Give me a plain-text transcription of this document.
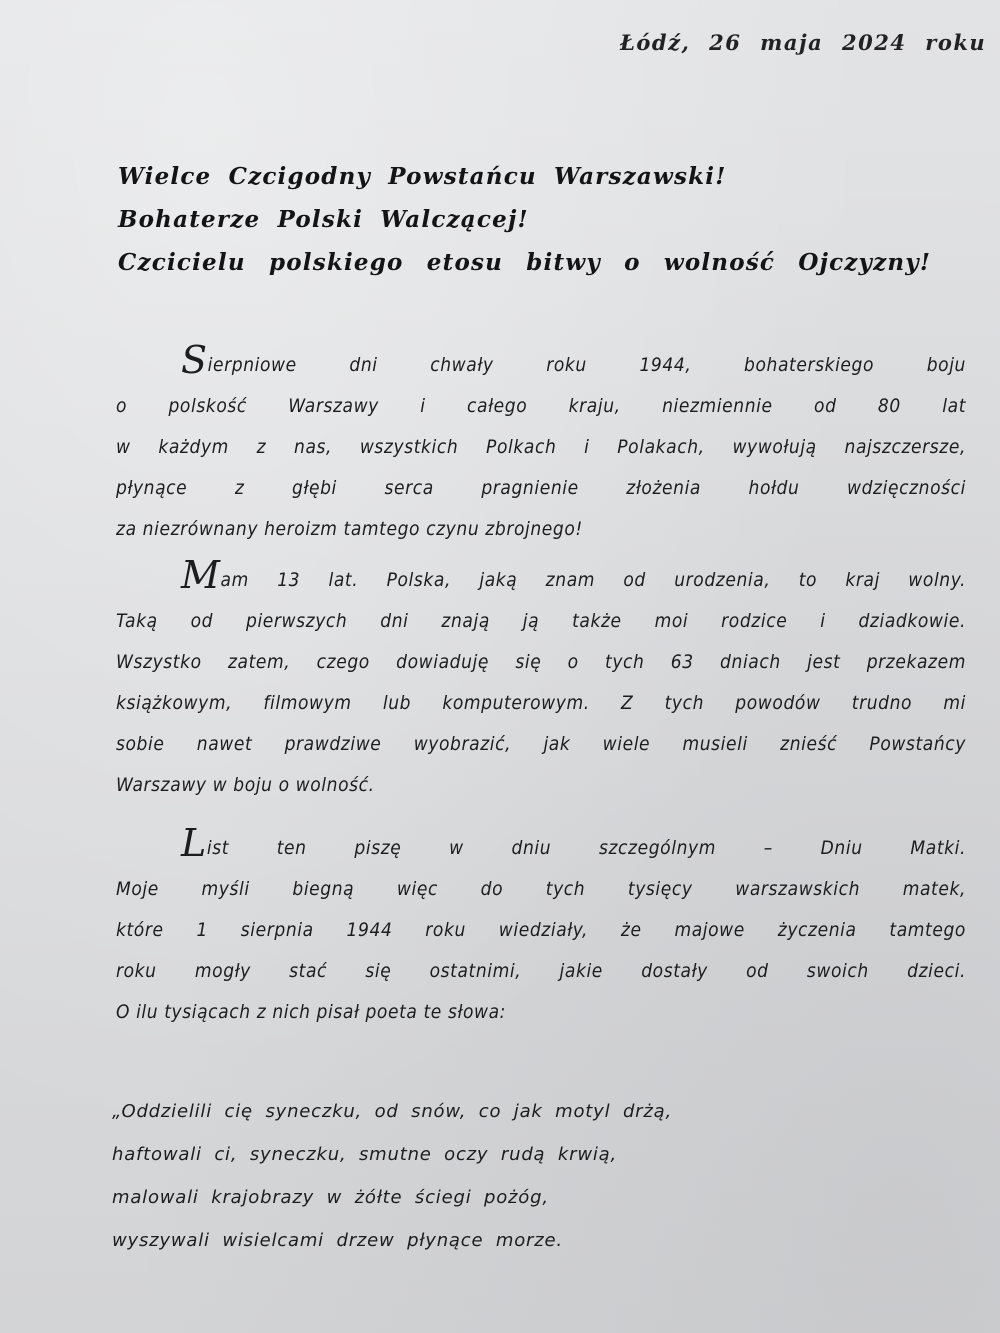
Łódź, 26 maja 2024 roku
Wielce Czcigodny Powstańcu Warszawski!
Bohaterze Polski Walczącej!
Czcicielu polskiego etosu bitwy o wolność Ojczyzny!
Sierpniowe dni chwały roku 1944, bohaterskiego boju
o polskość Warszawy i całego kraju, niezmiennie od 80 lat
w każdym z nas, wszystkich Polkach i Polakach, wywołują najszczersze,
płynące z głębi serca pragnienie złożenia hołdu wdzięczności
za niezrównany heroizm tamtego czynu zbrojnego!
Mam 13 lat. Polska, jaką znam od urodzenia, to kraj wolny.
Taką od pierwszych dni znają ją także moi rodzice i dziadkowie.
Wszystko zatem, czego dowiaduję się o tych 63 dniach jest przekazem
książkowym, filmowym lub komputerowym. Z tych powodów trudno mi
sobie nawet prawdziwe wyobrazić, jak wiele musieli znieść Powstańcy
Warszawy w boju o wolność.
List ten piszę w dniu szczególnym – Dniu Matki.
Moje myśli biegną więc do tych tysięcy warszawskich matek,
które 1 sierpnia 1944 roku wiedziały, że majowe życzenia tamtego
roku mogły stać się ostatnimi, jakie dostały od swoich dzieci.
O ilu tysiącach z nich pisał poeta te słowa:
„Oddzielili cię syneczku, od snów, co jak motyl drżą,
haftowali ci, syneczku, smutne oczy rudą krwią,
malowali krajobrazy w żółte ściegi pożóg,
wyszywali wisielcami drzew płynące morze.
